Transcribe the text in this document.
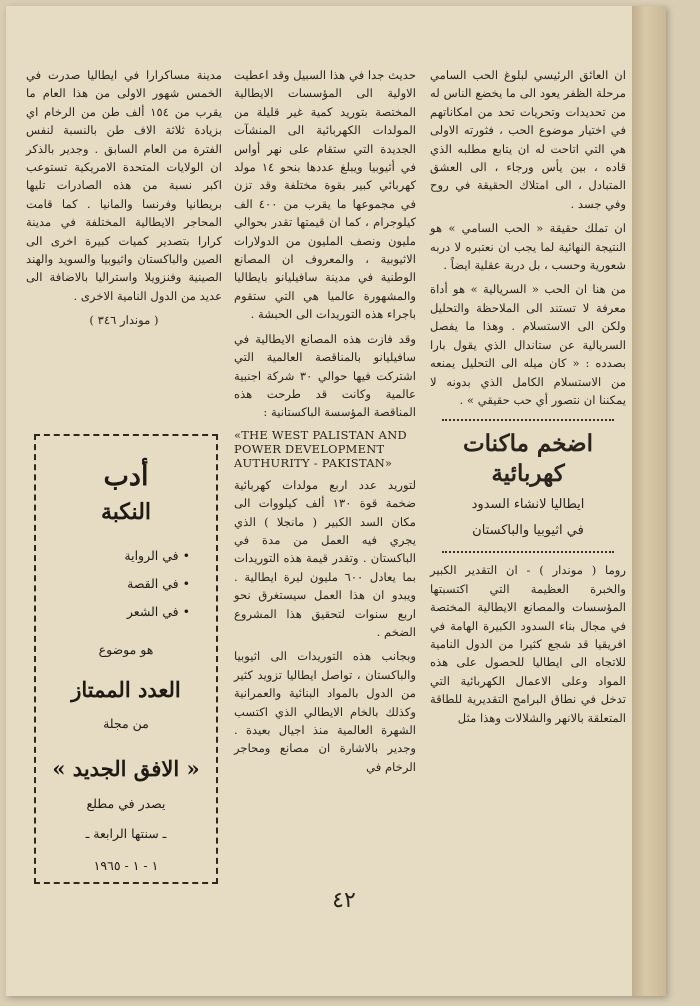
ان العائق الرئيسي لبلوغ الحب السامي مرحلة الظفر يعود الى ما يخضع الناس له من تحديدات وتحريات تحد من امكاناتهم في اختيار موضوع الحب ، فثورته الاولى هي التي اتاحت له ان يتابع مطلبه الذي قاده ، بين يأس ورجاء ، الى العشق المتبادل ، الى امتلاك الحقيقة في روح وفي جسد .

ان تملك حقيقة « الحب السامي » هو النتيجة النهائية لما يجب ان نعتبره لا دربه شعورية وحسب ، بل دربة عقلية ايضاً .

من هنا ان الحب « السريالية » هو أداة معرفة لا تستند الى الملاحظة والتحليل ولكن الى الاستسلام . وهذا ما يفصل السريالية عن ستاندال الذي يقول بارا بصدده : « كان ميله الى التحليل يمنعه من الاستسلام الكامل الذي بدونه لا يمكننا ان نتصور أي حب حقيقي » .

اضخم ماكنات كهربائية

ايطاليا لانشاء السدود

في اثيوبيا والباكستان

روما ( موندار ) - ان التقدير الكبير والخبرة العظيمة التي اكتسبتها المؤسسات والمصانع الايطالية المختصة في مجال بناء السدود الكبيرة الهامة في افريقيا قد شجع كثيرا من الدول النامية للاتجاه الى ايطاليا للحصول على هذه المواد وعلى الاعمال الكهربائية التي تدخل في نطاق البرامج التقديرية للطاقة المتعلقة بالانهر والشلالات وهذا مثل

حديث جدا في هذا السبيل وقد اعطيت الاولية الى المؤسسات الايطالية المختصة بتوريد كمية غير قليلة من المولدات الكهربائية الى المنشآت الجديدة التي ستقام على نهر أواس في أثيوبيا ويبلغ عددها بنحو ١٤ مولد كهربائي كبير بقوة مختلفة وقد تزن في مجموعها ما يقرب من ٤٠٠ الف كيلوجرام ، كما ان قيمتها تقدر بحوالي مليون ونصف المليون من الدولارات الاثيوبية ، والمعروف ان المصانع الوطنية في مدينة سافيليانو بايطاليا والمشهورة عالميا هي التي ستقوم باجراء هذه التوريدات الى الحبشة .

وقد فازت هذه المصانع الايطالية في سافيليانو بالمناقصة العالمية التي اشتركت فيها حوالي ٣٠ شركة اجنبية عالمية وكانت قد طرحت هذه المناقصة المؤسسة الباكستانية :

«THE WEST PALISTAN AND POWER DEVELOPMENT AUTHURITY - PAKISTAN»

لتوريد عدد اربع مولدات كهربائية ضخمة قوة ١٣٠ ألف كيلووات الى مكان السد الكبير ( مانجلا ) الذي يجري فيه العمل من مدة في الباكستان . وتقدر قيمة هذه التوريدات بما يعادل ٦٠٠ مليون ليرة ايطالية . ويبدو ان هذا العمل سيستغرق نحو اربع سنوات لتحقيق هذا المشروع الضخم .

وبجانب هذه التوريدات الى اثيوبيا والباكستان ، تواصل ايطاليا تزويد كثير من الدول بالمواد البنائية والعمرانية وكذلك بالخام الايطالي الذي اكتسب الشهرة العالمية منذ اجيال بعيدة . وجدير بالاشارة ان مصانع ومحاجر الرخام في

مدينة مساكرارا في ايطاليا صدرت في الخمس شهور الاولى من هذا العام ما يقرب من ١٥٤ ألف طن من الرخام اي بزيادة ثلاثة الاف طن بالنسبة لنفس الفترة من العام السابق . وجدير بالذكر ان الولايات المتحدة الامريكية تستوعب اكبر نسبة من هذه الصادرات تليها بريطانيا وفرنسا والمانيا . كما قامت المحاجر الايطالية المختلفة في مدينة كرارا بتصدير كميات كبيرة اخرى الى الصين والباكستان واثيوبيا والسويد والهند الصينية وفنزويلا واستراليا بالاضافة الى عديد من الدول النامية الاخرى .

( موندار ٣٤٦ )

أدب
النكبة
• في الرواية
• في القصة
• في الشعر
هو موضوع
العدد الممتاز
من مجلة
« الافق الجديد »
يصدر في مطلع
ـ سنتها الرابعة ـ
١ - ١ - ١٩٦٥
٤٢
